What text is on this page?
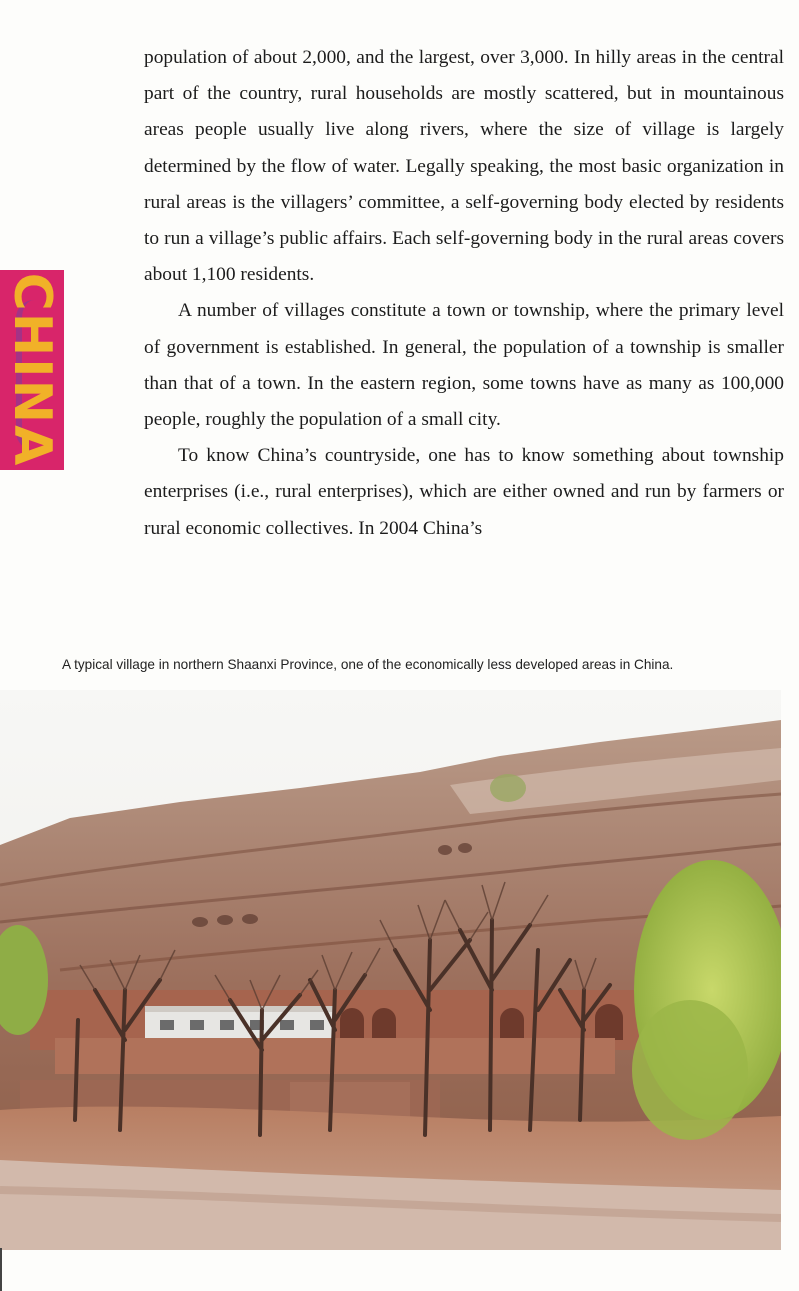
CHINA

population of about 2,000, and the largest, over 3,000. In hilly areas in the central part of the country, rural households are mostly scattered, but in mountainous areas people usually live along rivers, where the size of village is largely determined by the flow of water. Legally speaking, the most basic organization in rural areas is the villagers’ committee, a self-governing body elected by residents to run a village’s public affairs. Each self-governing body in the rural areas covers about 1,100 residents.

A number of villages constitute a town or township, where the primary level of government is established. In general, the population of a township is smaller than that of a town. In the eastern region, some towns have as many as 100,000 people, roughly the population of a small city.

To know China’s countryside, one has to know something about township enterprises (i.e., rural enterprises), which are either owned and run by farmers or rural economic collectives. In 2004 China’s

A typical village in northern Shaanxi Province, one of the economically less developed areas in China.
